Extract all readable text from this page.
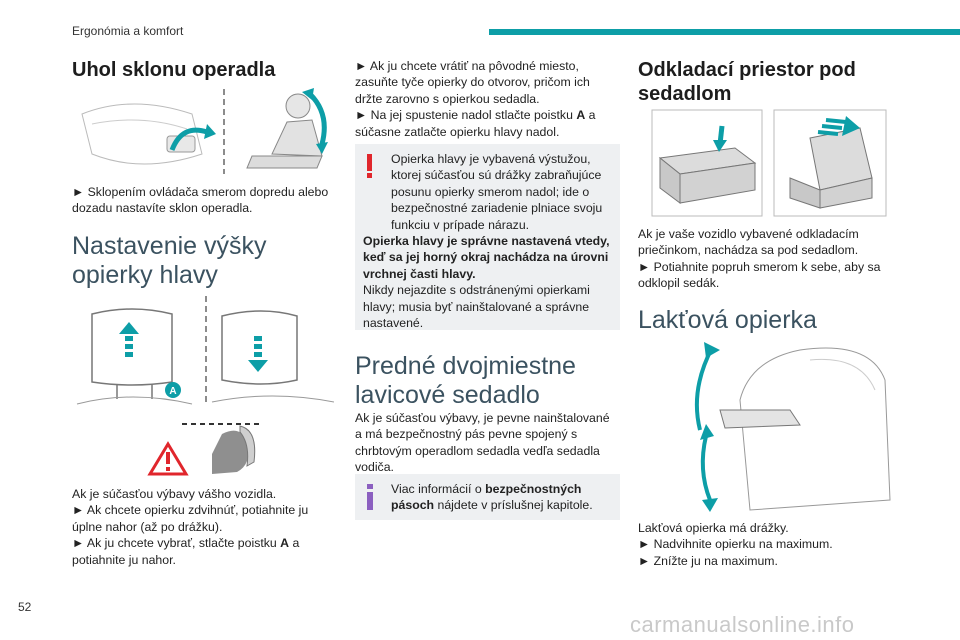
Ergonómia a komfort
Uhol sklonu operadla

► Sklopením ovládača smerom dopredu alebo dozadu nastavíte sklon operadla.

Nastavenie výšky opierky hlavy
A

Ak je súčasťou výbavy vášho vozidla.

► Ak chcete opierku zdvihnúť, potiahnite ju úplne nahor (až po drážku).

► Ak ju chcete vybrať, stlačte poistku A a potiahnite ju nahor.

► Ak ju chcete vrátiť na pôvodné miesto, zasuňte tyče opierky do otvorov, pričom ich držte zarovno s opierkou sedadla.

► Na jej spustenie nadol stlačte poistku A a súčasne zatlačte opierku hlavy nadol.

Opierka hlavy je vybavená výstužou, ktorej súčasťou sú drážky zabraňujúce posunu opierky smerom nadol; ide o bezpečnostné zariadenie plniace svoju funkciu v prípade nárazu.

Opierka hlavy je správne nastavená vtedy, keď sa jej horný okraj nachádza na úrovni vrchnej časti hlavy.

Nikdy nejazdite s odstránenými opierkami hlavy; musia byť nainštalované a správne nastavené.

Predné dvojmiestne lavicové sedadlo

Ak je súčasťou výbavy, je pevne nainštalované a má bezpečnostný pás pevne spojený s chrbtovým operadlom sedadla vedľa sedadla vodiča.

Viac informácií o bezpečnostných pásoch nájdete v príslušnej kapitole.

Odkladací priestor pod sedadlom

Ak je vaše vozidlo vybavené odkladacím priečinkom, nachádza sa pod sedadlom.

► Potiahnite popruh smerom k sebe, aby sa odklopil sedák.

Lakťová opierka

Lakťová opierka má drážky.

► Nadvihnite opierku na maximum.

► Znížte ju na maximum.

52
carmanualsonline.info
